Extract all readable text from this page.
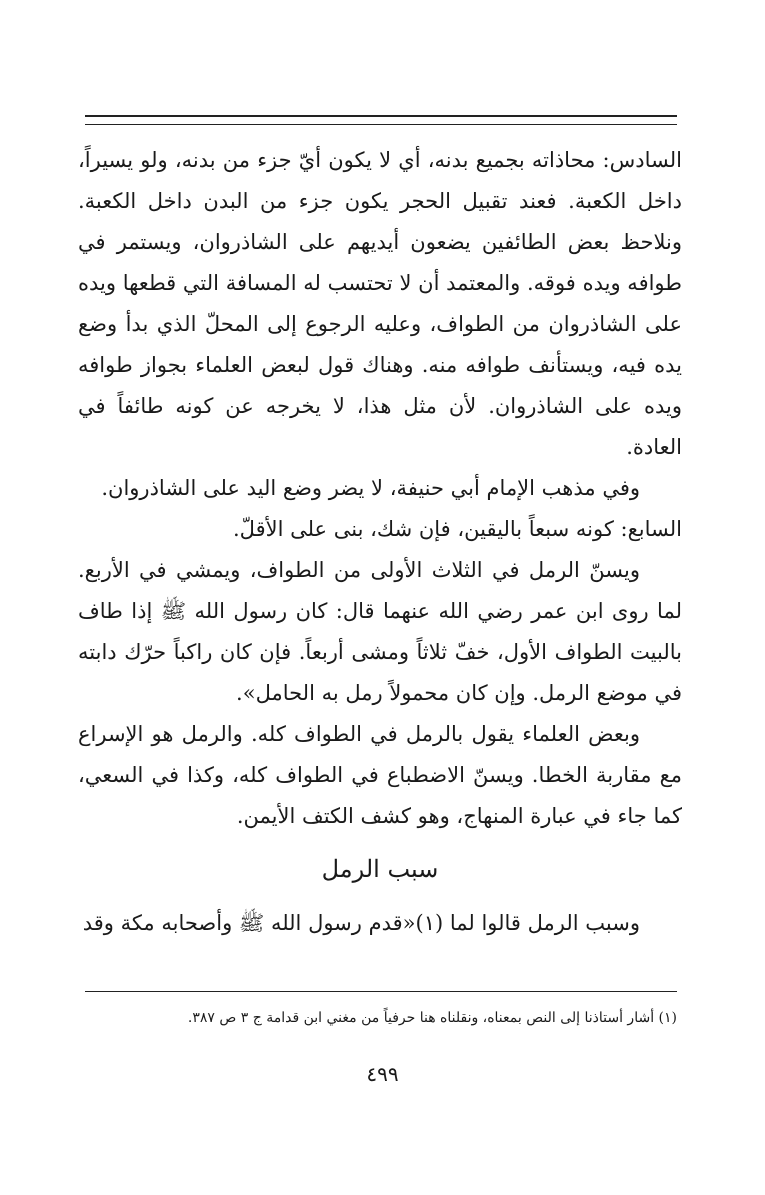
السادس: محاذاته بجميع بدنه، أي لا يكون أيّ جزء من بدنه، ولو يسيراً، داخل الكعبة. فعند تقبيل الحجر يكون جزء من البدن داخل الكعبة. ونلاحظ بعض الطائفين يضعون أيديهم على الشاذروان، ويستمر في طوافه ويده فوقه. والمعتمد أن لا تحتسب له المسافة التي قطعها ويده على الشاذروان من الطواف، وعليه الرجوع إلى المحلّ الذي بدأ وضع يده فيه، ويستأنف طوافه منه. وهناك قول لبعض العلماء بجواز طوافه ويده على الشاذروان. لأن مثل هذا، لا يخرجه عن كونه طائفاً في العادة.

وفي مذهب الإمام أبي حنيفة، لا يضر وضع اليد على الشاذروان.

السابع: كونه سبعاً باليقين، فإن شك، بنى على الأقلّ.

ويسنّ الرمل في الثلاث الأولى من الطواف، ويمشي في الأربع. لما روى ابن عمر رضي الله عنهما قال: كان رسول الله ﷺ إذا طاف بالبيت الطواف الأول، خفّ ثلاثاً ومشى أربعاً. فإن كان راكباً حرّك دابته في موضع الرمل. وإن كان محمولاً رمل به الحامل».

وبعض العلماء يقول بالرمل في الطواف كله. والرمل هو الإسراع مع مقاربة الخطا. ويسنّ الاضطباع في الطواف كله، وكذا في السعي، كما جاء في عبارة المنهاج، وهو كشف الكتف الأيمن.

سبب الرمل

وسبب الرمل قالوا لما (١)«قدم رسول الله ﷺ وأصحابه مكة وقد

(١) أشار أستاذنا إلى النص بمعناه، ونقلناه هنا حرفياً من مغني ابن قدامة ج ٣ ص ٣٨٧.
٤٩٩
